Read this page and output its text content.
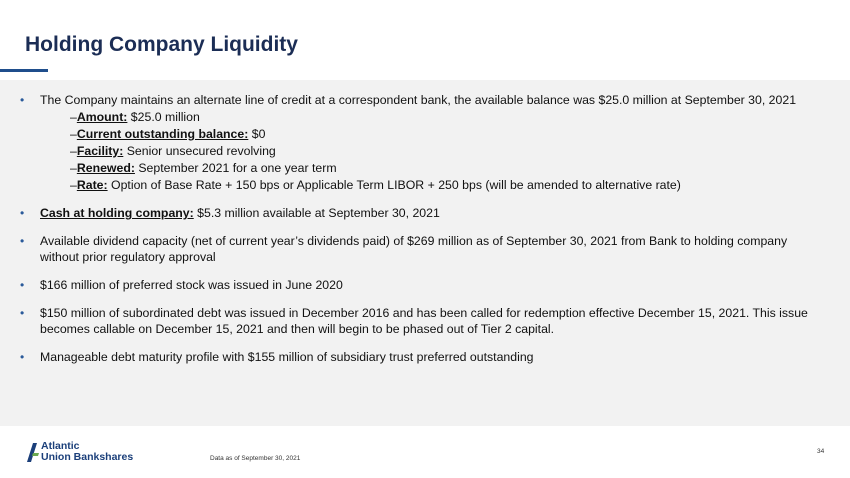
Holding Company Liquidity
• The Company maintains an alternate line of credit at a correspondent bank, the available balance was $25.0 million at September 30, 2021
–Amount: $25.0 million
–Current outstanding balance: $0
–Facility: Senior unsecured revolving
–Renewed: September 2021 for a one year term
–Rate: Option of Base Rate + 150 bps or Applicable Term LIBOR + 250 bps (will be amended to alternative rate)
• Cash at holding company: $5.3 million available at September 30, 2021
• Available dividend capacity (net of current year’s dividends paid) of $269 million as of September 30, 2021 from Bank to holding company without prior regulatory approval
• $166 million of preferred stock was issued in June 2020
• $150 million of subordinated debt was issued in December 2016 and has been called for redemption effective December 15, 2021. This issue becomes callable on December 15, 2021 and then will begin to be phased out of Tier 2 capital.
• Manageable debt maturity profile with $155 million of subsidiary trust preferred outstanding
Atlantic
Union Bankshares	Data as of September 30, 2021
34
